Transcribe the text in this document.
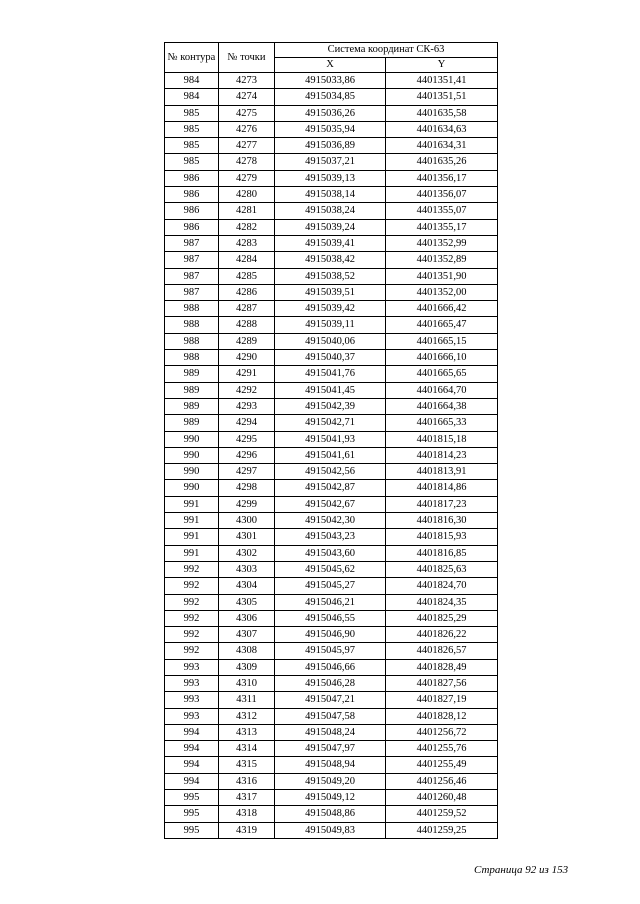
№ контура	№ точки	Система координат СК-63	
		X	Y
984	4273	4915033,86	4401351,41
984	4274	4915034,85	4401351,51
985	4275	4915036,26	4401635,58
985	4276	4915035,94	4401634,63
985	4277	4915036,89	4401634,31
985	4278	4915037,21	4401635,26
986	4279	4915039,13	4401356,17
986	4280	4915038,14	4401356,07
986	4281	4915038,24	4401355,07
986	4282	4915039,24	4401355,17
987	4283	4915039,41	4401352,99
987	4284	4915038,42	4401352,89
987	4285	4915038,52	4401351,90
987	4286	4915039,51	4401352,00
988	4287	4915039,42	4401666,42
988	4288	4915039,11	4401665,47
988	4289	4915040,06	4401665,15
988	4290	4915040,37	4401666,10
989	4291	4915041,76	4401665,65
989	4292	4915041,45	4401664,70
989	4293	4915042,39	4401664,38
989	4294	4915042,71	4401665,33
990	4295	4915041,93	4401815,18
990	4296	4915041,61	4401814,23
990	4297	4915042,56	4401813,91
990	4298	4915042,87	4401814,86
991	4299	4915042,67	4401817,23
991	4300	4915042,30	4401816,30
991	4301	4915043,23	4401815,93
991	4302	4915043,60	4401816,85
992	4303	4915045,62	4401825,63
992	4304	4915045,27	4401824,70
992	4305	4915046,21	4401824,35
992	4306	4915046,55	4401825,29
992	4307	4915046,90	4401826,22
992	4308	4915045,97	4401826,57
993	4309	4915046,66	4401828,49
993	4310	4915046,28	4401827,56
993	4311	4915047,21	4401827,19
993	4312	4915047,58	4401828,12
994	4313	4915048,24	4401256,72
994	4314	4915047,97	4401255,76
994	4315	4915048,94	4401255,49
994	4316	4915049,20	4401256,46
995	4317	4915049,12	4401260,48
995	4318	4915048,86	4401259,52
995	4319	4915049,83	4401259,25
Страница 92 из 153
